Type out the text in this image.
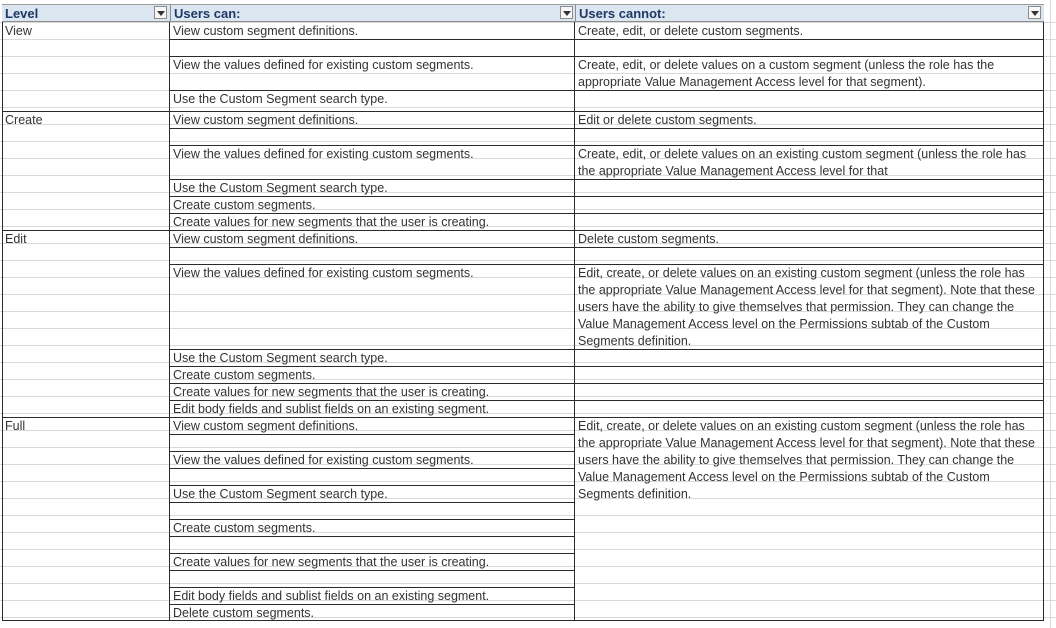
Level	Users can:	Users cannot:
View
Create
Edit
Full
View custom segment definitions.
View the values defined for existing custom segments.
Use the Custom Segment search type.
Create, edit, or delete custom segments.
Create, edit, or delete values on a custom segment (unless the role has the appropriate Value Management Access level for that segment).
View custom segment definitions.
View the values defined for existing custom segments.
Use the Custom Segment search type.
Create custom segments.
Create values for new segments that the user is creating.
Edit or delete custom segments.
Create, edit, or delete values on an existing custom segment (unless the role has the appropriate Value Management Access level for that
View custom segment definitions.
View the values defined for existing custom segments.
Use the Custom Segment search type.
Create custom segments.
Create values for new segments that the user is creating.
Edit body fields and sublist fields on an existing segment.
Delete custom segments.
Edit, create, or delete values on an existing custom segment (unless the role has the appropriate Value Management Access level for that segment). Note that these users have the ability to give themselves that permission. They can change the Value Management Access level on the Permissions subtab of the Custom Segments definition.
View custom segment definitions.
View the values defined for existing custom segments.
Use the Custom Segment search type.
Create custom segments.
Create values for new segments that the user is creating.
Edit body fields and sublist fields on an existing segment.
Delete custom segments.
Edit, create, or delete values on an existing custom segment (unless the role has the appropriate Value Management Access level for that segment). Note that these users have the ability to give themselves that permission. They can change the Value Management Access level on the Permissions subtab of the Custom Segments definition.
